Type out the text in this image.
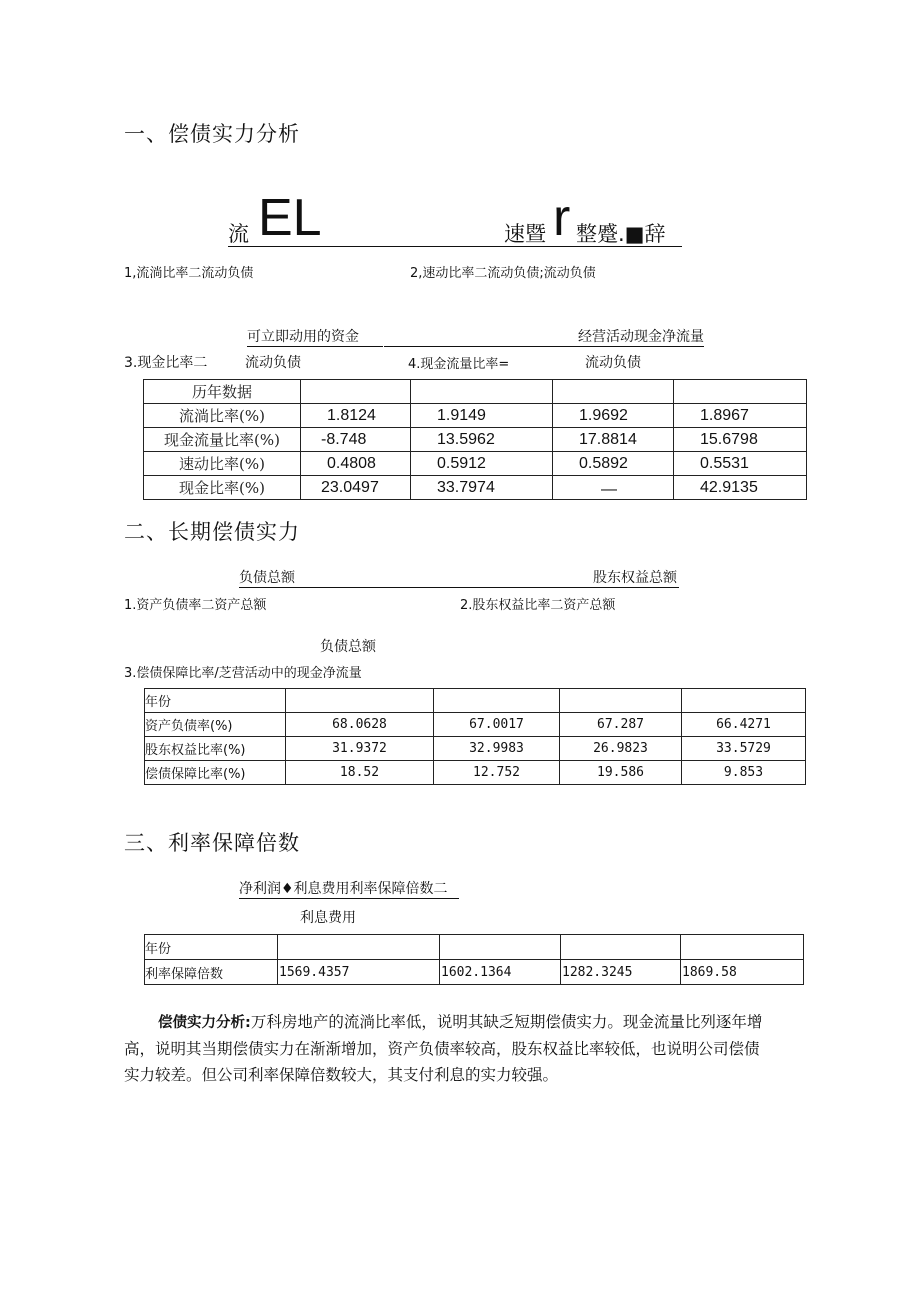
一、偿债实力分析
流 EL	速暨 r 整蹙.■辞
1,流淌比率二流动负债	2,速动比率二流动负债;流动负债
可立即动用的资金	经营活动现金净流量
3.现金比率二	流动负债	4.现金流量比率=	流动负债
历年数据				
流淌比率(%)	1.8124	1.9149	1.9692	1.8967
现金流量比率(%)	-8.748	13.5962	17.8814	15.6798
速动比率(%)	0.4808	0.5912	0.5892	0.5531
现金比率(%)	23.0497	33.7974	—	42.9135
二、长期偿债实力
负债总额	股东权益总额
1.资产负债率二资产总额	2.股东权益比率二资产总额
负债总额
3.偿债保障比率/芝营活动中的现金净流量
年份				
资产负债率(%)	68.0628	67.0017	67.287	66.4271
股东权益比率(%)	31.9372	32.9983	26.9823	33.5729
偿债保障比率(%)	18.52	12.752	19.586	9.853
三、利率保障倍数
净利润♦利息费用利率保障倍数二
利息费用
年份				
利率保障倍数	1569.4357	1602.1364	1282.3245	1869.58
偿债实力分析:万科房地产的流淌比率低，说明其缺乏短期偿债实力。现金流量比列逐年增
高，说明其当期偿债实力在渐渐增加，资产负债率较高，股东权益比率较低，也说明公司偿债
实力较差。但公司利率保障倍数较大，其支付利息的实力较强。
